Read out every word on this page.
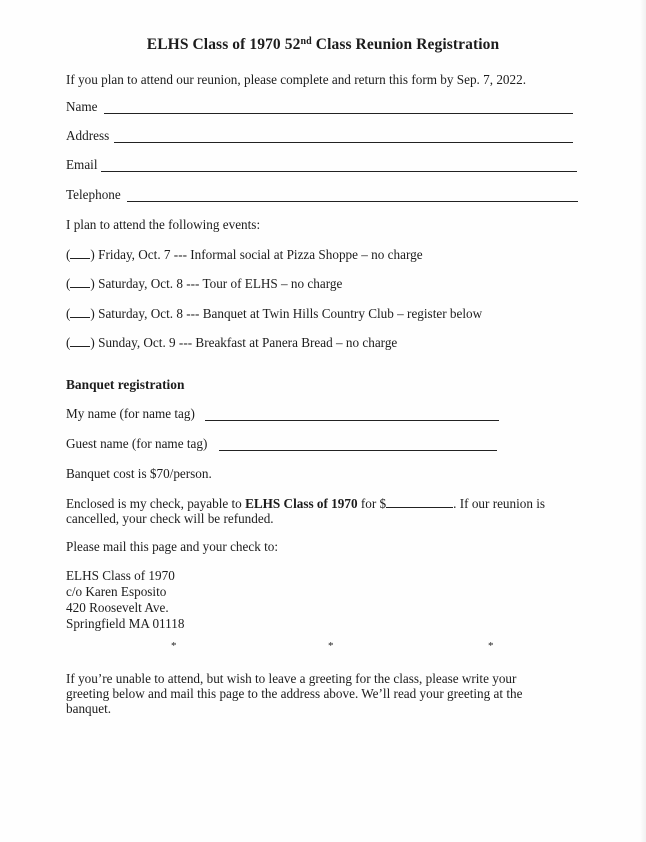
ELHS Class of 1970 52nd Class Reunion Registration
If you plan to attend our reunion, please complete and return this form by Sep. 7, 2022.
Name
Address
Email
Telephone
I plan to attend the following events:
( ) Friday, Oct. 7 --- Informal social at Pizza Shoppe – no charge
( ) Saturday, Oct. 8 --- Tour of ELHS – no charge
( ) Saturday, Oct. 8 --- Banquet at Twin Hills Country Club – register below
( ) Sunday, Oct. 9 --- Breakfast at Panera Bread – no charge
Banquet registration
My name (for name tag)
Guest name (for name tag)
Banquet cost is $70/person.
Enclosed is my check, payable to ELHS Class of 1970 for $	. If our reunion is
cancelled, your check will be refunded.
Please mail this page and your check to:
ELHS Class of 1970
c/o Karen Esposito
420 Roosevelt Ave.
Springfield MA 01118
*	*	*
If you’re unable to attend, but wish to leave a greeting for the class, please write your
greeting below and mail this page to the address above. We’ll read your greeting at the
banquet.
